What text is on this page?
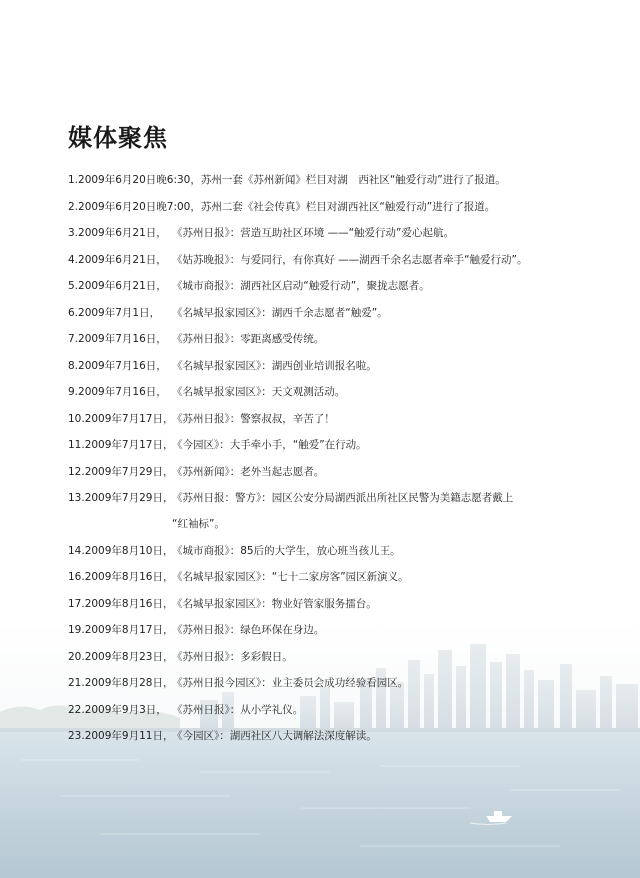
媒体聚焦
1.2009年6月20日晚6: 30，苏州一套《苏州新闻》栏目对湖　西社区“触爱行动”进行了报道。
2.2009年6月20日晚7: 00，苏州二套《社会传真》栏目对湖西社区“触爱行动”进行了报道。
3.2009年6月21日， 《苏州日报》：营造互助社区环境 ——“触爱行动”爱心起航。
4.2009年6月21日， 《姑苏晚报》：与爱同行，有你真好 ——湖西千余名志愿者牵手“触爱行动”。
5.2009年6月21日， 《城市商报》：湖西社区启动“触爱行动”，聚拢志愿者。
6.2009年7月1日，	《名城早报家园区》：湖西千余志愿者“触爱”。
7.2009年7月16日， 《苏州日报》：零距离感受传统。
8.2009年7月16日， 《名城早报家园区》：湖西创业培训报名啦。
9.2009年7月16日， 《名城早报家园区》：天文观测活动。
10.2009年7月17日，
《苏州日报》：警察叔叔，辛苦了！
11.2009年7月17日，
《今园区》：大手牵小手，“触爱”在行动。
12.2009年7月29日，
《苏州新闻》：老外当起志愿者。
13.2009年7月29日，
《苏州日报：警方》：园区公安分局湖西派出所社区民警为美籍志愿者戴上
“红袖标”。
14.2009年8月10日，
《城市商报》：85后的大学生，放心班当孩儿王。
16.2009年8月16日，
《名城早报家园区》：“七十二家房客”园区新演义。
17.2009年8月16日，
《名城早报家园区》：物业好管家服务擂台。
19.2009年8月17日，
《苏州日报》：绿色环保在身边。
20.2009年8月23日，
《苏州日报》：多彩假日。
21.2009年8月28日，
《苏州日报今园区》：业主委员会成功经验看园区。
22.2009年9月3日， 《苏州日报》：从小学礼仪。
23.2009年9月11日，
《今园区》：湖西社区八大调解法深度解读。
